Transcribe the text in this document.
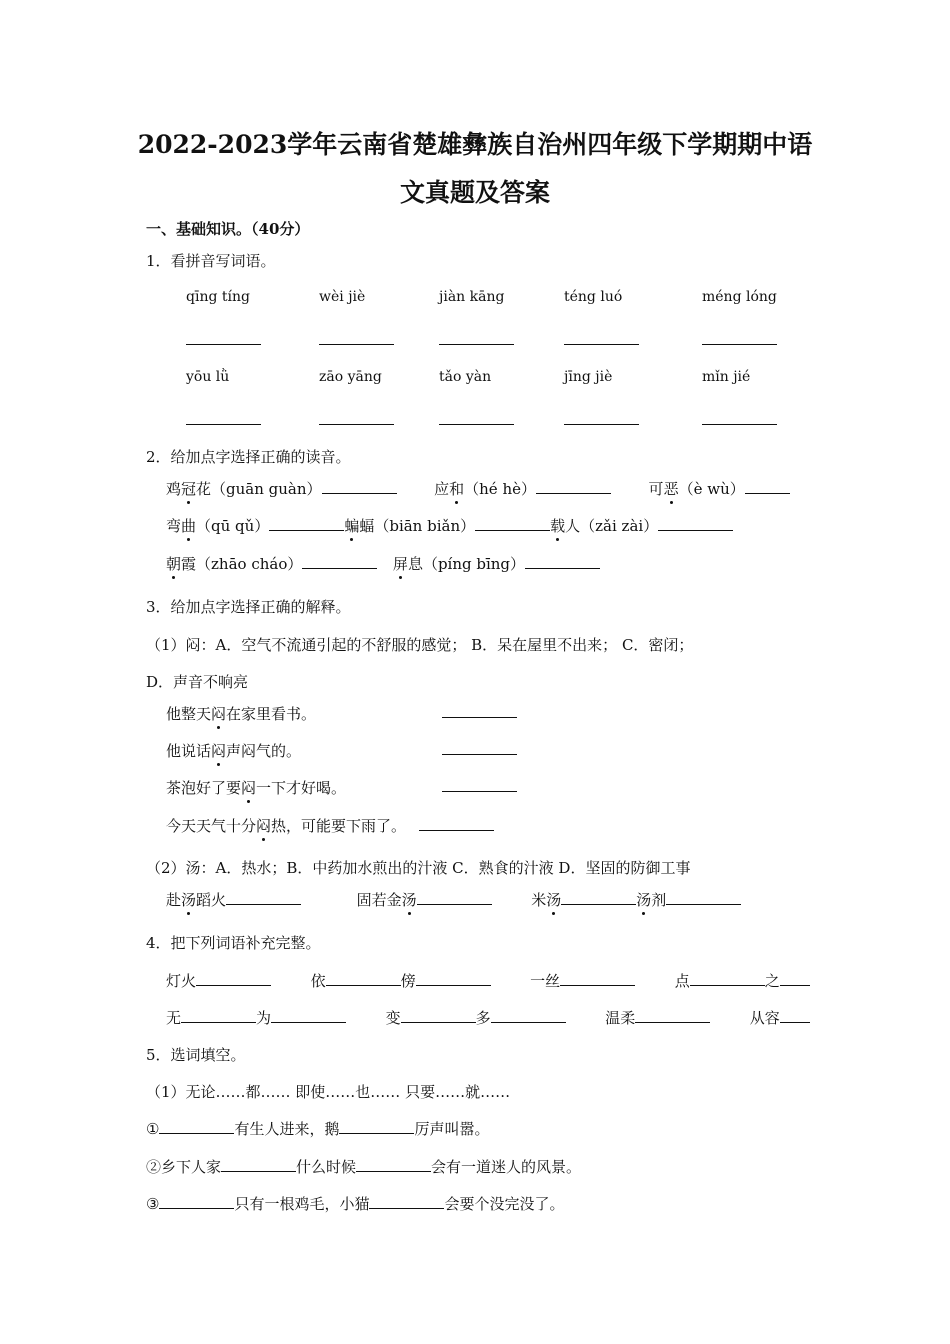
2022-2023学年云南省楚雄彝族自治州四年级下学期期中语
文真题及答案
一、基础知识。（40分）
1．看拼音写词语。
qīng tíng	wèi jiè	jiàn kāng	téng luó	méng lóng
yōu lǜ	zāo yāng	tǎo yàn	jīng jiè	mǐn jié
2．给加点字选择正确的读音。
鸡冠花（guān guàn）	应和（hé hè）	可恶（è wù）
弯曲（qū qǔ）	蝙蝠（biān biǎn）	载人（zǎi zài）
朝霞（zhāo cháo）	屏息（píng bīng）
3．给加点字选择正确的解释。
（1）闷：A．空气不流通引起的不舒服的感觉； B．呆在屋里不出来； C．密闭；
D．声音不响亮
他整天闷在家里看书。
他说话闷声闷气的。
茶泡好了要闷一下才好喝。
今天天气十分闷热，可能要下雨了。
（2）汤：A．热水；B．中药加水煎出的汁液 C．熟食的汁液 D．坚固的防御工事
赴汤蹈火	固若金汤	米汤	汤剂
4．把下列词语补充完整。
灯火	依	傍	一丝	点	之
无	为	变	多	温柔	从容
5．选词填空。
（1）无论……都…… 即使……也…… 只要……就……
①	有生人进来，鹅	厉声叫嚣。
②乡下人家	什么时候	会有一道迷人的风景。
③	只有一根鸡毛，小猫	会要个没完没了。
